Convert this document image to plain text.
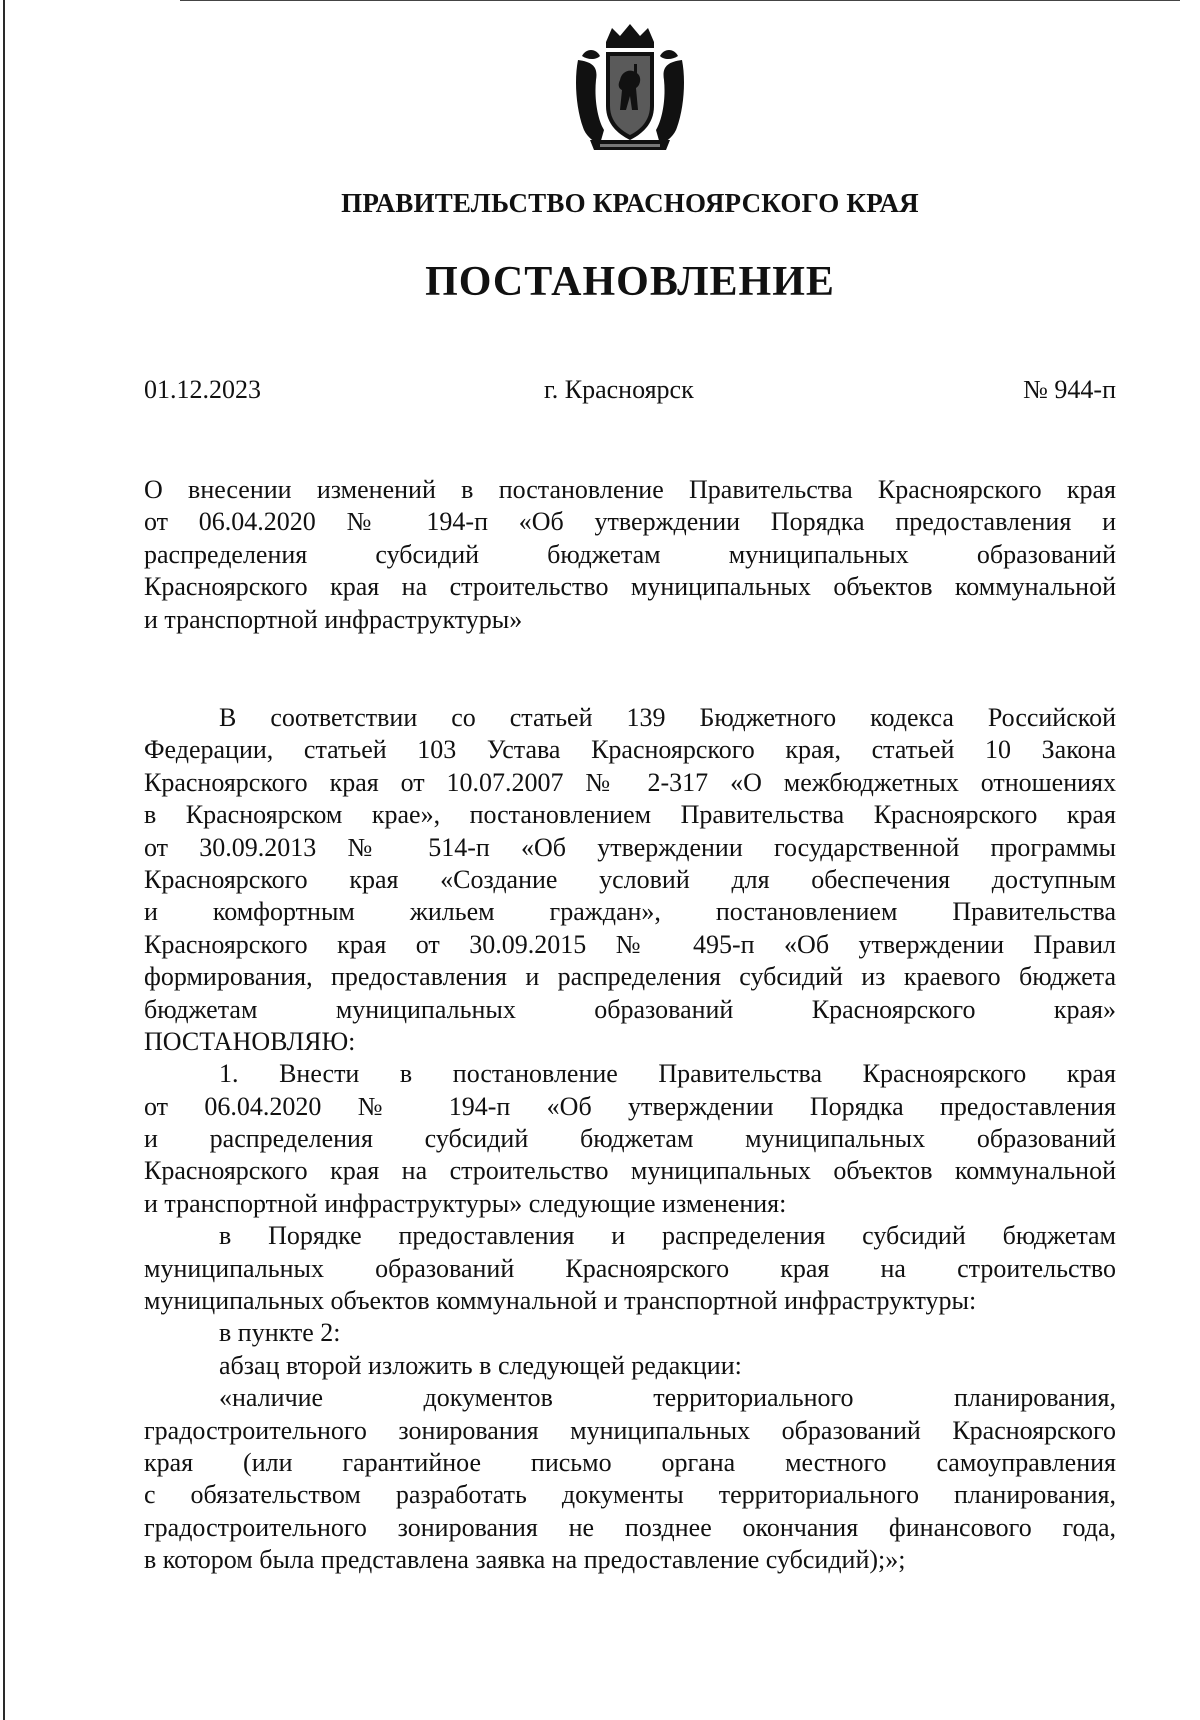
ПРАВИТЕЛЬСТВО КРАСНОЯРСКОГО КРАЯ
ПОСТАНОВЛЕНИЕ
01.12.2023	г. Красноярск	№ 944-п
О внесении изменений в постановление Правительства Красноярского края
от 06.04.2020 № 194-п «Об утверждении Порядка предоставления и
распределения субсидий бюджетам муниципальных образований
Красноярского края на строительство муниципальных объектов коммунальной
и транспортной инфраструктуры»
В соответствии со статьей 139 Бюджетного кодекса Российской
Федерации, статьей 103 Устава Красноярского края, статьей 10 Закона
Красноярского края от 10.07.2007 № 2-317 «О межбюджетных отношениях
в Красноярском крае», постановлением Правительства Красноярского края
от 30.09.2013 № 514-п «Об утверждении государственной программы
Красноярского края «Создание условий для обеспечения доступным
и комфортным жильем граждан», постановлением Правительства
Красноярского края от 30.09.2015 № 495-п «Об утверждении Правил
формирования, предоставления и распределения субсидий из краевого бюджета
бюджетам муниципальных образований Красноярского края»
ПОСТАНОВЛЯЮ:
1. Внести в постановление Правительства Красноярского края
от 06.04.2020 № 194-п «Об утверждении Порядка предоставления
и распределения субсидий бюджетам муниципальных образований
Красноярского края на строительство муниципальных объектов коммунальной
и транспортной инфраструктуры» следующие изменения:
в Порядке предоставления и распределения субсидий бюджетам
муниципальных образований Красноярского края на строительство
муниципальных объектов коммунальной и транспортной инфраструктуры:
в пункте 2:
абзац второй изложить в следующей редакции:
«наличие документов территориального планирования,
градостроительного зонирования муниципальных образований Красноярского
края (или гарантийное письмо органа местного самоуправления
с обязательством разработать документы территориального планирования,
градостроительного зонирования не позднее окончания финансового года,
в котором была представлена заявка на предоставление субсидий);»;
